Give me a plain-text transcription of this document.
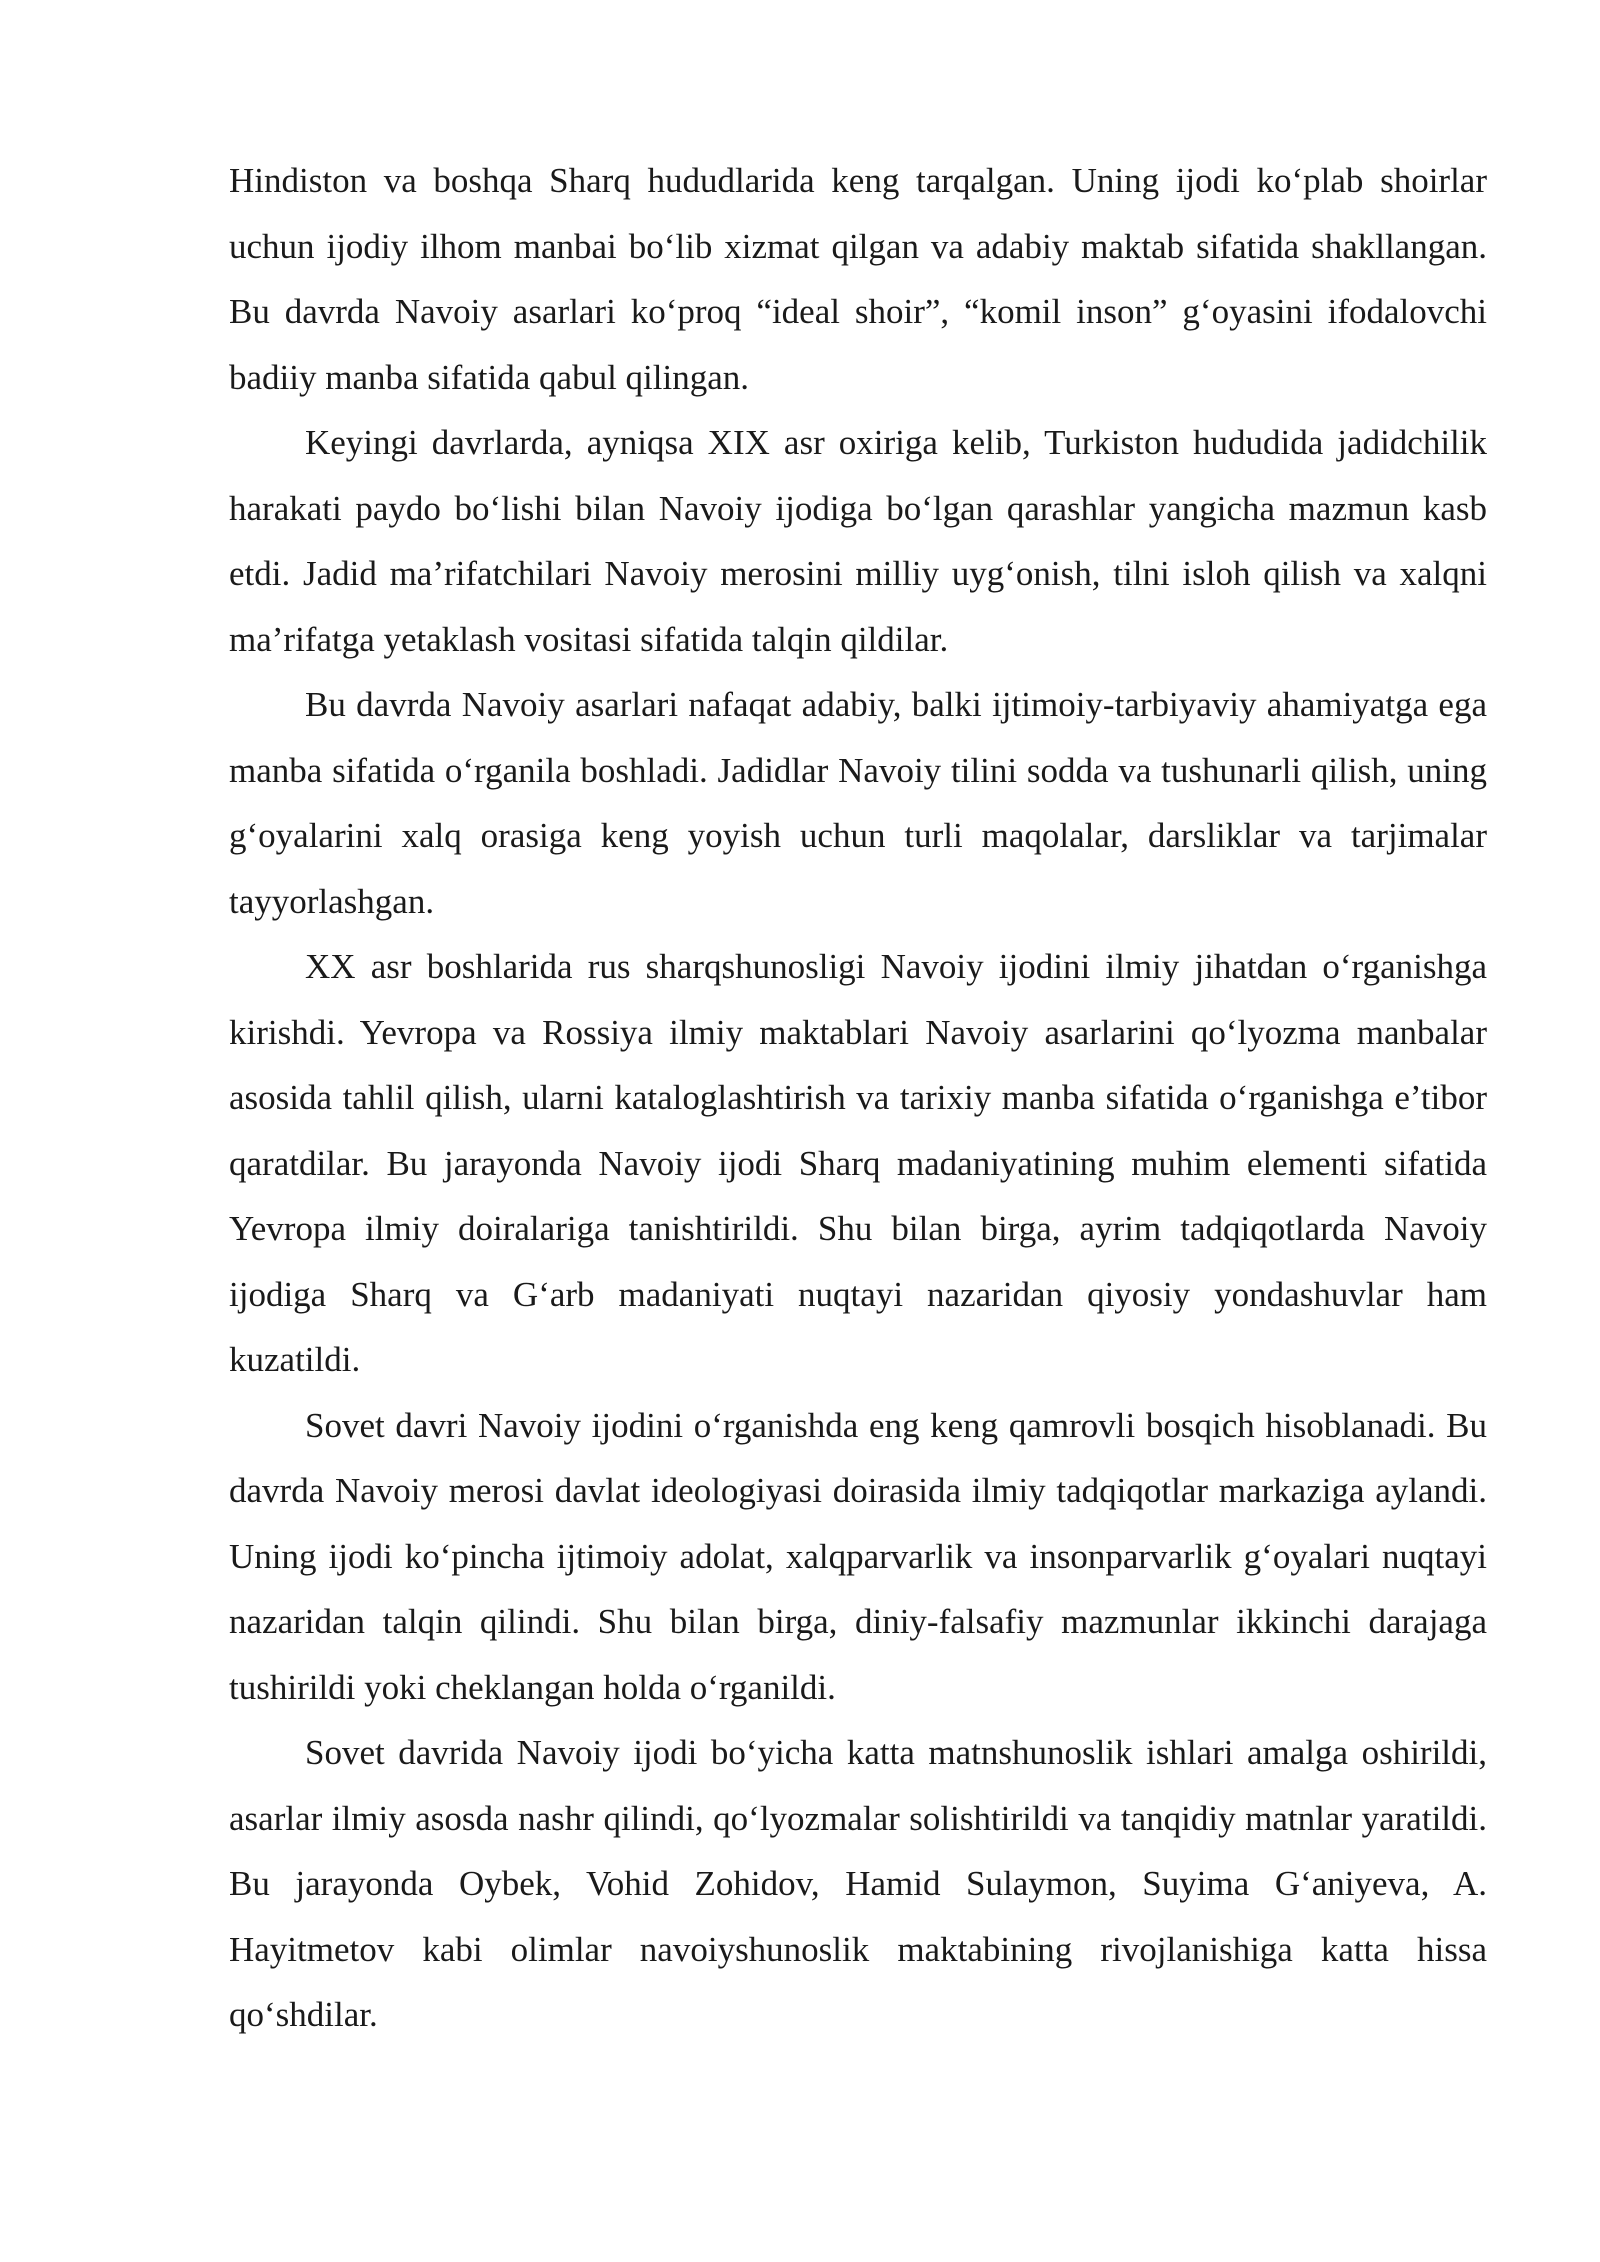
Hindiston va boshqa Sharq hududlarida keng tarqalgan. Uning ijodi ko‘plab shoirlar uchun ijodiy ilhom manbai bo‘lib xizmat qilgan va adabiy maktab sifatida shakllangan. Bu davrda Navoiy asarlari ko‘proq “ideal shoir”, “komil inson” g‘oyasini ifodalovchi badiiy manba sifatida qabul qilingan.

Keyingi davrlarda, ayniqsa XIX asr oxiriga kelib, Turkiston hududida jadidchilik harakati paydo bo‘lishi bilan Navoiy ijodiga bo‘lgan qarashlar yangicha mazmun kasb etdi. Jadid ma’rifatchilari Navoiy merosini milliy uyg‘onish, tilni isloh qilish va xalqni ma’rifatga yetaklash vositasi sifatida talqin qildilar.

Bu davrda Navoiy asarlari nafaqat adabiy, balki ijtimoiy-tarbiyaviy ahamiyatga ega manba sifatida o‘rganila boshladi. Jadidlar Navoiy tilini sodda va tushunarli qilish, uning g‘oyalarini xalq orasiga keng yoyish uchun turli maqolalar, darsliklar va tarjimalar tayyorlashgan.

XX asr boshlarida rus sharqshunosligi Navoiy ijodini ilmiy jihatdan o‘rganishga kirishdi. Yevropa va Rossiya ilmiy maktablari Navoiy asarlarini qo‘lyozma manbalar asosida tahlil qilish, ularni kataloglashtirish va tarixiy manba sifatida o‘rganishga e’tibor qaratdilar. Bu jarayonda Navoiy ijodi Sharq madaniyatining muhim elementi sifatida Yevropa ilmiy doiralariga tanishtirildi. Shu bilan birga, ayrim tadqiqotlarda Navoiy ijodiga Sharq va G‘arb madaniyati nuqtayi nazaridan qiyosiy yondashuvlar ham kuzatildi.

Sovet davri Navoiy ijodini o‘rganishda eng keng qamrovli bosqich hisoblanadi. Bu davrda Navoiy merosi davlat ideologiyasi doirasida ilmiy tadqiqotlar markaziga aylandi. Uning ijodi ko‘pincha ijtimoiy adolat, xalqparvarlik va insonparvarlik g‘oyalari nuqtayi nazaridan talqin qilindi. Shu bilan birga, diniy-falsafiy mazmunlar ikkinchi darajaga tushirildi yoki cheklangan holda o‘rganildi.

Sovet davrida Navoiy ijodi bo‘yicha katta matnshunoslik ishlari amalga oshirildi, asarlar ilmiy asosda nashr qilindi, qo‘lyozmalar solishtirildi va tanqidiy matnlar yaratildi. Bu jarayonda Oybek, Vohid Zohidov, Hamid Sulaymon, Suyima G‘aniyeva, A. Hayitmetov kabi olimlar navoiyshunoslik maktabining rivojlanishiga katta hissa qo‘shdilar.
